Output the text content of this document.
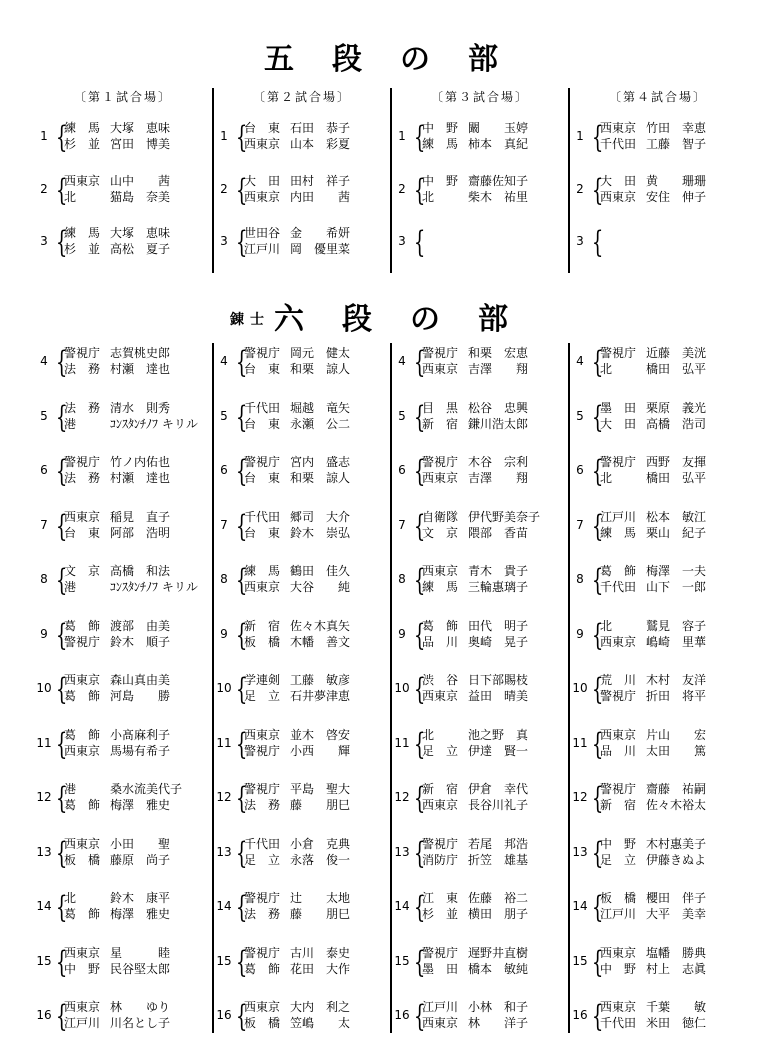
五段の部
錬士 六段の部
〔第１試合場〕
1 {
練　馬 大塚　恵味
杉　並 宮田　博美
2 {
西東京 山中　　茜
北	猫島　奈美
3 {
練　馬 大塚　恵味
杉　並 高松　夏子
〔第２試合場〕
1 {
台　東 石田　恭子
西東京 山本　彩夏
2 {
大　田 田村　祥子
西東京 内田　　茜
3 {
世田谷 金　　希妍
江戸川 岡　優里菜
〔第３試合場〕
1 {
中　野 闞　　玉婷
練　馬 柿本　真紀
2 {
中　野 齋藤佐知子
北	柴木　祐里
3 {
〔第４試合場〕
1 {
西東京 竹田　幸恵
千代田 工藤　智子
2 {
大　田 黄　　珊珊
西東京 安住　伸子
3 {
4 {
警視庁 志賀桃史郎
法　務 村瀬　達也
5 {
法　務 清水　則秀
港	ｺﾝｽﾀﾝﾁﾉﾌ キリル
6 {
警視庁 竹ノ内佑也
法　務 村瀬　達也
7 {
西東京 稲見　直子
台　東 阿部　浩明
8 {
文　京 高橋　和法
港	ｺﾝｽﾀﾝﾁﾉﾌ キリル
9 {
葛　飾 渡部　由美
警視庁 鈴木　順子
10 {
西東京 森山真由美
葛　飾 河島　　勝
11 {
葛　飾 小髙麻利子
西東京 馬場有希子
12 {
港	桑水流美代子
葛　飾 梅澤　雅史
13 {
西東京 小田　　聖
板　橋 藤原　尚子
14 {
北	鈴木　康平
葛　飾 梅澤　雅史
15 {
西東京 星　　　睦
中　野 民谷堅太郎
16 {
西東京 林　　ゆり
江戸川 川名とし子
4 {
警視庁 岡元　健太
台　東 和栗　諒人
5 {
千代田 堀越　竜矢
台　東 永瀬　公二
6 {
警視庁 宮内　盛志
台　東 和栗　諒人
7 {
千代田 郷司　大介
台　東 鈴木　崇弘
8 {
練　馬 鶴田　佳久
西東京 大谷　　純
9 {
新　宿 佐々木真矢
板　橋 木幡　善文
10 {
学連剣 工藤　敏彦
足　立 石井夢津恵
11 {
西東京 並木　啓安
警視庁 小西　　輝
12 {
警視庁 平島　聖大
法　務 藤　　朋巳
13 {
千代田 小倉　克典
足　立 永落　俊一
14 {
警視庁 辻　　太地
法　務 藤　　朋巳
15 {
警視庁 古川　泰史
葛　飾 花田　大作
16 {
西東京 大内　利之
板　橋 笠嶋　　太
4 {
警視庁 和栗　宏恵
西東京 吉澤　　翔
5 {
目　黒 松谷　忠興
新　宿 鎌川浩太郎
6 {
警視庁 木谷　宗利
西東京 吉澤　　翔
7 {
自衛隊 伊代野美奈子
文　京 隈部　香苗
8 {
西東京 青木　貴子
練　馬 三輪惠璃子
9 {
葛　飾 田代　明子
品　川 奥崎　晃子
10 {
渋　谷 日下部賜枝
西東京 益田　晴美
11 {
北	池之野　真
足　立 伊達　賢一
12 {
新　宿 伊倉　幸代
西東京 長谷川礼子
13 {
警視庁 若尾　邦浩
消防庁 折笠　雄基
14 {
江　東 佐藤　裕二
杉　並 横田　朋子
15 {
警視庁 遅野井直樹
墨　田 橋本　敏純
16 {
江戸川 小林　和子
西東京 林　　洋子
4 {
警視庁 近藤　美洸
北	橋田　弘平
5 {
墨　田 栗原　義光
大　田 高橋　浩司
6 {
警視庁 西野　友揮
北	橋田　弘平
7 {
江戸川 松本　敏江
練　馬 栗山　紀子
8 {
葛　飾 梅澤　一夫
千代田 山下　一郎
9 {
北	鷲見　容子
西東京 嶋崎　里華
10 {
荒　川 木村　友洋
警視庁 折田　将平
11 {
西東京 片山　　宏
品　川 太田　　篤
12 {
警視庁 齋藤　祐嗣
新　宿 佐々木裕太
13 {
中　野 木村惠美子
足　立 伊藤きぬよ
14 {
板　橋 櫻田　伴子
江戸川 大平　美幸
15 {
西東京 塩幡　勝典
中　野 村上　志眞
16 {
西東京 千葉　　敏
千代田 米田　徳仁
